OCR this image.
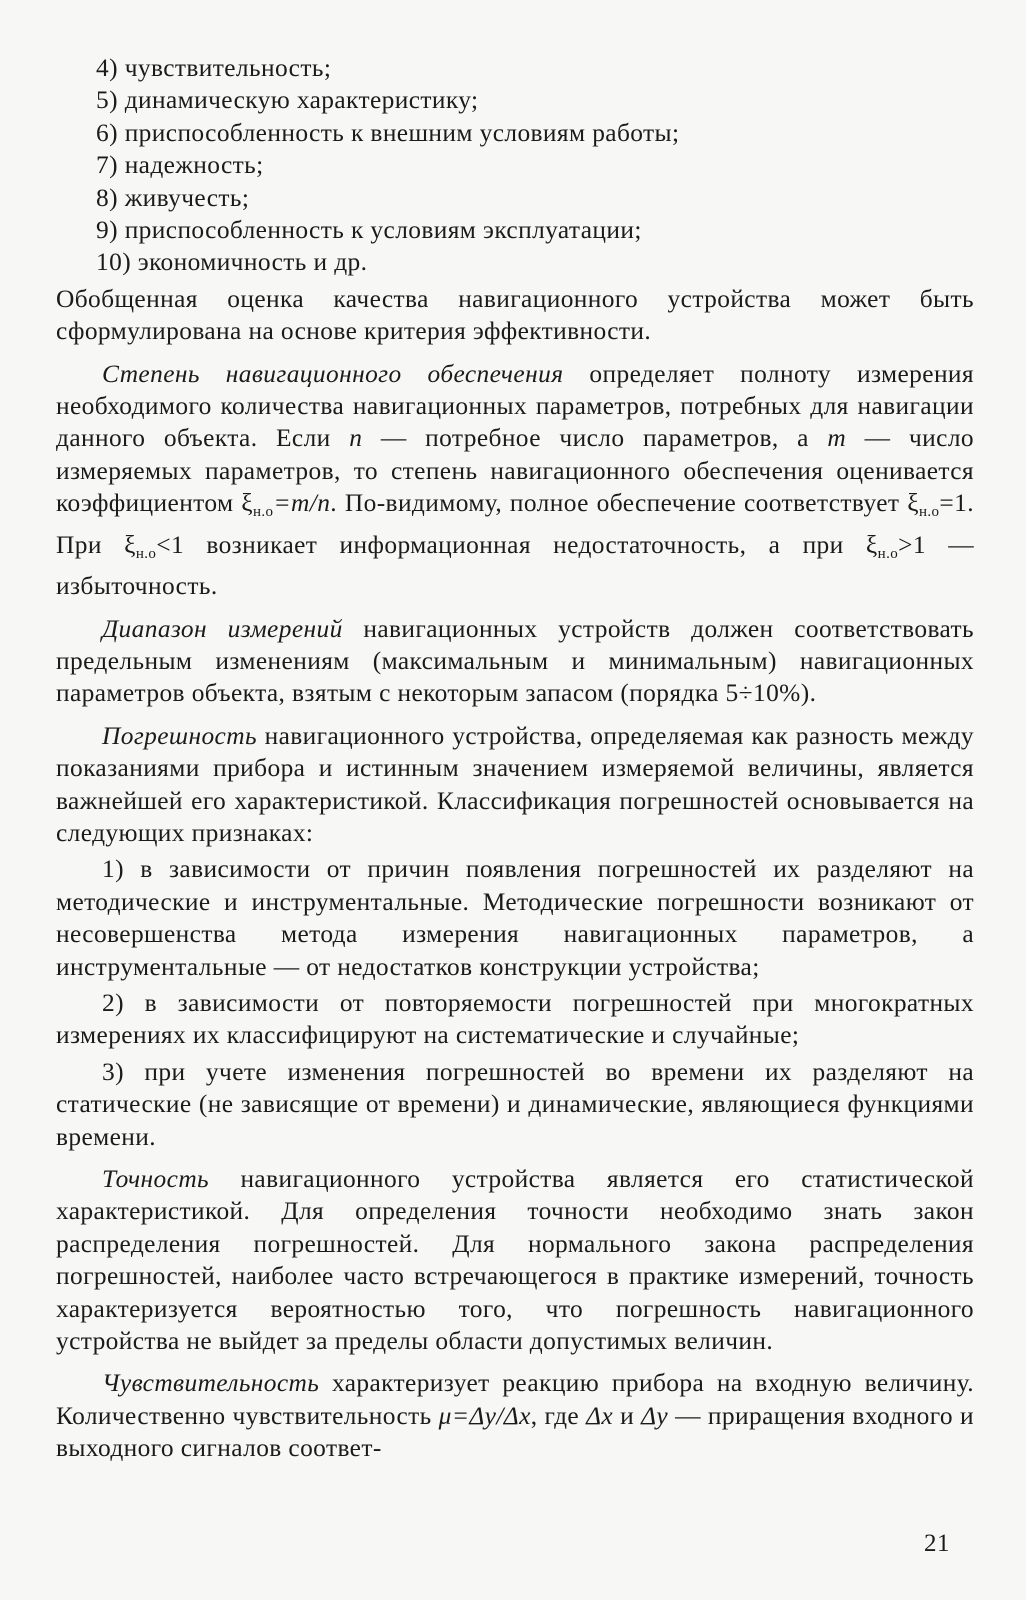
4) чувствительность;

5) динамическую характеристику;

6) приспособленность к внешним условиям работы;

7) надежность;

8) живучесть;

9) приспособленность к условиям эксплуатации;

10) экономичность и др.

Обобщенная оценка качества навигационного устройства может быть сформулирована на основе критерия эффективности.

Степень навигационного обеспечения определяет полноту измерения необходимого количества навигационных параметров, потребных для навигации данного объекта. Если n — потребное число параметров, а m — число измеряемых параметров, то степень навигационного обеспечения оценивается коэффициентом $\xi_{н.о}=m/n$. По-видимому, полное обеспечение соответствует $\xi_{н.о}=1$. При $\xi_{н.о}<1$ возникает информационная недостаточность, а при $\xi_{н.о}>1$ — избыточность.

Диапазон измерений навигационных устройств должен соответствовать предельным изменениям (максимальным и минимальным) навигационных параметров объекта, взятым с некоторым запасом (порядка 5÷10%).

Погрешность навигационного устройства, определяемая как разность между показаниями прибора и истинным значением измеряемой величины, является важнейшей его характеристикой. Классификация погрешностей основывается на следующих признаках:

1) в зависимости от причин появления погрешностей их разделяют на методические и инструментальные. Методические погрешности возникают от несовершенства метода измерения навигационных параметров, а инструментальные — от недостатков конструкции устройства;

2) в зависимости от повторяемости погрешностей при многократных измерениях их классифицируют на систематические и случайные;

3) при учете изменения погрешностей во времени их разделяют на статические (не зависящие от времени) и динамические, являющиеся функциями времени.

Точность навигационного устройства является его статистической характеристикой. Для определения точности необходимо знать закон распределения погрешностей. Для нормального закона распределения погрешностей, наиболее часто встречающегося в практике измерений, точность характеризуется вероятностью того, что погрешность навигационного устройства не выйдет за пределы области допустимых величин.

Чувствительность характеризует реакцию прибора на входную величину. Количественно чувствительность μ=Δy/Δx, где Δx и Δy — приращения входного и выходного сигналов соответ-

21
